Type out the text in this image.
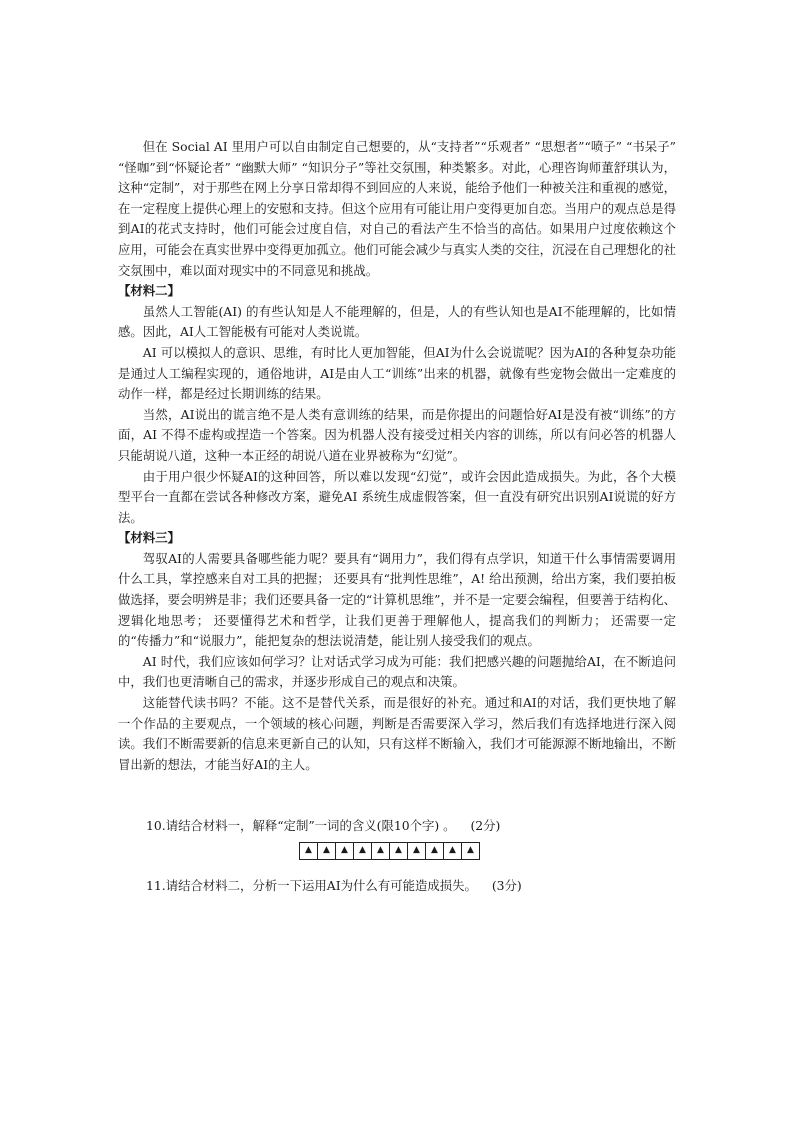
但在 Social AI 里用户可以自由制定自己想要的，从“支持者”“乐观者” “思想者”“喷子” “书呆子” “怪咖”到“怀疑论者” “幽默大师” “知识分子”等社交氛围，种类繁多。对此，心理咨询师董舒琪认为，这种“定制”，对于那些在网上分享日常却得不到回应的人来说，能给予他们一种被关注和重视的感觉，在一定程度上提供心理上的安慰和支持。但这个应用有可能让用户变得更加自恋。当用户的观点总是得到AI的花式支持时，他们可能会过度自信，对自己的看法产生不恰当的高估。如果用户过度依赖这个应用，可能会在真实世界中变得更加孤立。他们可能会减少与真实人类的交往，沉浸在自己理想化的社交氛围中，难以面对现实中的不同意见和挑战。

【材料二】

虽然人工智能(AI) 的有些认知是人不能理解的，但是，人的有些认知也是AI不能理解的，比如情感。因此，AI人工智能极有可能对人类说谎。

AI 可以模拟人的意识、思维，有时比人更加智能，但AI为什么会说谎呢？因为AI的各种复杂功能是通过人工编程实现的，通俗地讲，AI是由人工“训练”出来的机器，就像有些宠物会做出一定难度的动作一样，都是经过长期训练的结果。

当然，AI说出的谎言绝不是人类有意训练的结果，而是你提出的问题恰好AI是没有被“训练”的方面，AI 不得不虚构或捏造一个答案。因为机器人没有接受过相关内容的训练，所以有问必答的机器人只能胡说八道，这种一本正经的胡说八道在业界被称为“幻觉”。

由于用户很少怀疑AI的这种回答，所以难以发现“幻觉”，或许会因此造成损失。为此，各个大模型平台一直都在尝试各种修改方案，避免AI 系统生成虚假答案，但一直没有研究出识别AI说谎的好方法。

【材料三】

驾驭AI的人需要具备哪些能力呢？要具有“调用力”，我们得有点学识，知道干什么事情需要调用什么工具，掌控感来自对工具的把握； 还要具有“批判性思维”，A! 给出预测，给出方案，我们要拍板做选择，要会明辨是非；我们还要具备一定的“计算机思维”，并不是一定要会编程，但要善于结构化、逻辑化地思考； 还要懂得艺术和哲学，让我们更善于理解他人，提高我们的判断力； 还需要一定的“传播力”和“说服力”，能把复杂的想法说清楚，能让别人接受我们的观点。

AI 时代，我们应该如何学习？让对话式学习成为可能：我们把感兴趣的问题抛给AI，在不断追问中，我们也更清晰自己的需求，并逐步形成自己的观点和决策。

这能替代读书吗？不能。这不是替代关系，而是很好的补充。通过和AI的对话，我们更快地了解一个作品的主要观点，一个领域的核心问题，判断是否需要深入学习，然后我们有选择地进行深入阅读。我们不断需要新的信息来更新自己的认知，只有这样不断输入，我们才可能源源不断地输出，不断冒出新的想法，才能当好AI的主人。

10.请结合材料一，解释“定制”一词的含义(限10个字) 。 (2分)

▲	▲	▲	▲	▲	▲	▲	▲	▲	▲

11.请结合材料二，分析一下运用AI为什么有可能造成损失。 (3分)
